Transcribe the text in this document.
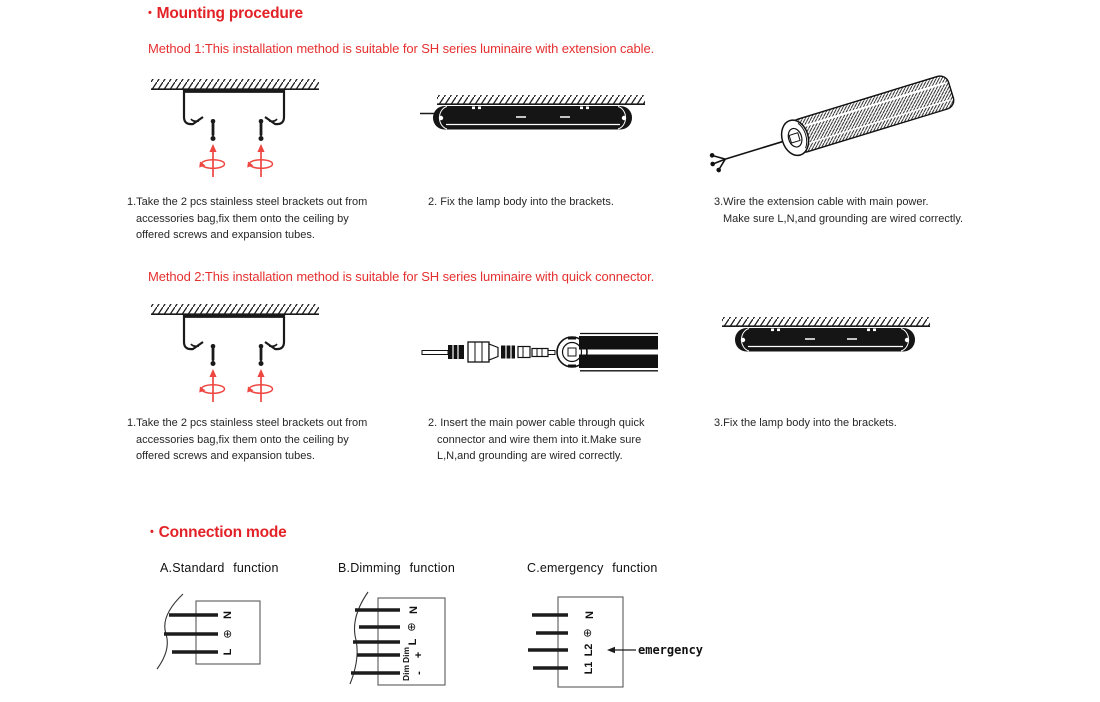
• Mounting procedure
Method 1:This installation method is suitable for SH series luminaire with extension cable.
1.Take the 2 pcs stainless steel brackets out from
accessories bag,fix them onto the ceiling by
offered screws and expansion tubes.
2. Fix the lamp body into the brackets.	3.Wire the extension cable with main power.
Make sure L,N,and grounding are wired correctly.
Method 2:This installation method is suitable for SH series luminaire with quick connector.
1.Take the 2 pcs stainless steel brackets out from
accessories bag,fix them onto the ceiling by
offered screws and expansion tubes.
2. Insert the main power cable through quick
connector and wire them into it.Make sure
L,N,and grounding are wired correctly.
3.Fix the lamp body into the brackets.
• Connection mode
A.Standard function	B.Dimming function	C.emergency function
N
⊕
L
N
⊕
L
Dim +
Dim -
N
⊕
L2
L1
emergency
